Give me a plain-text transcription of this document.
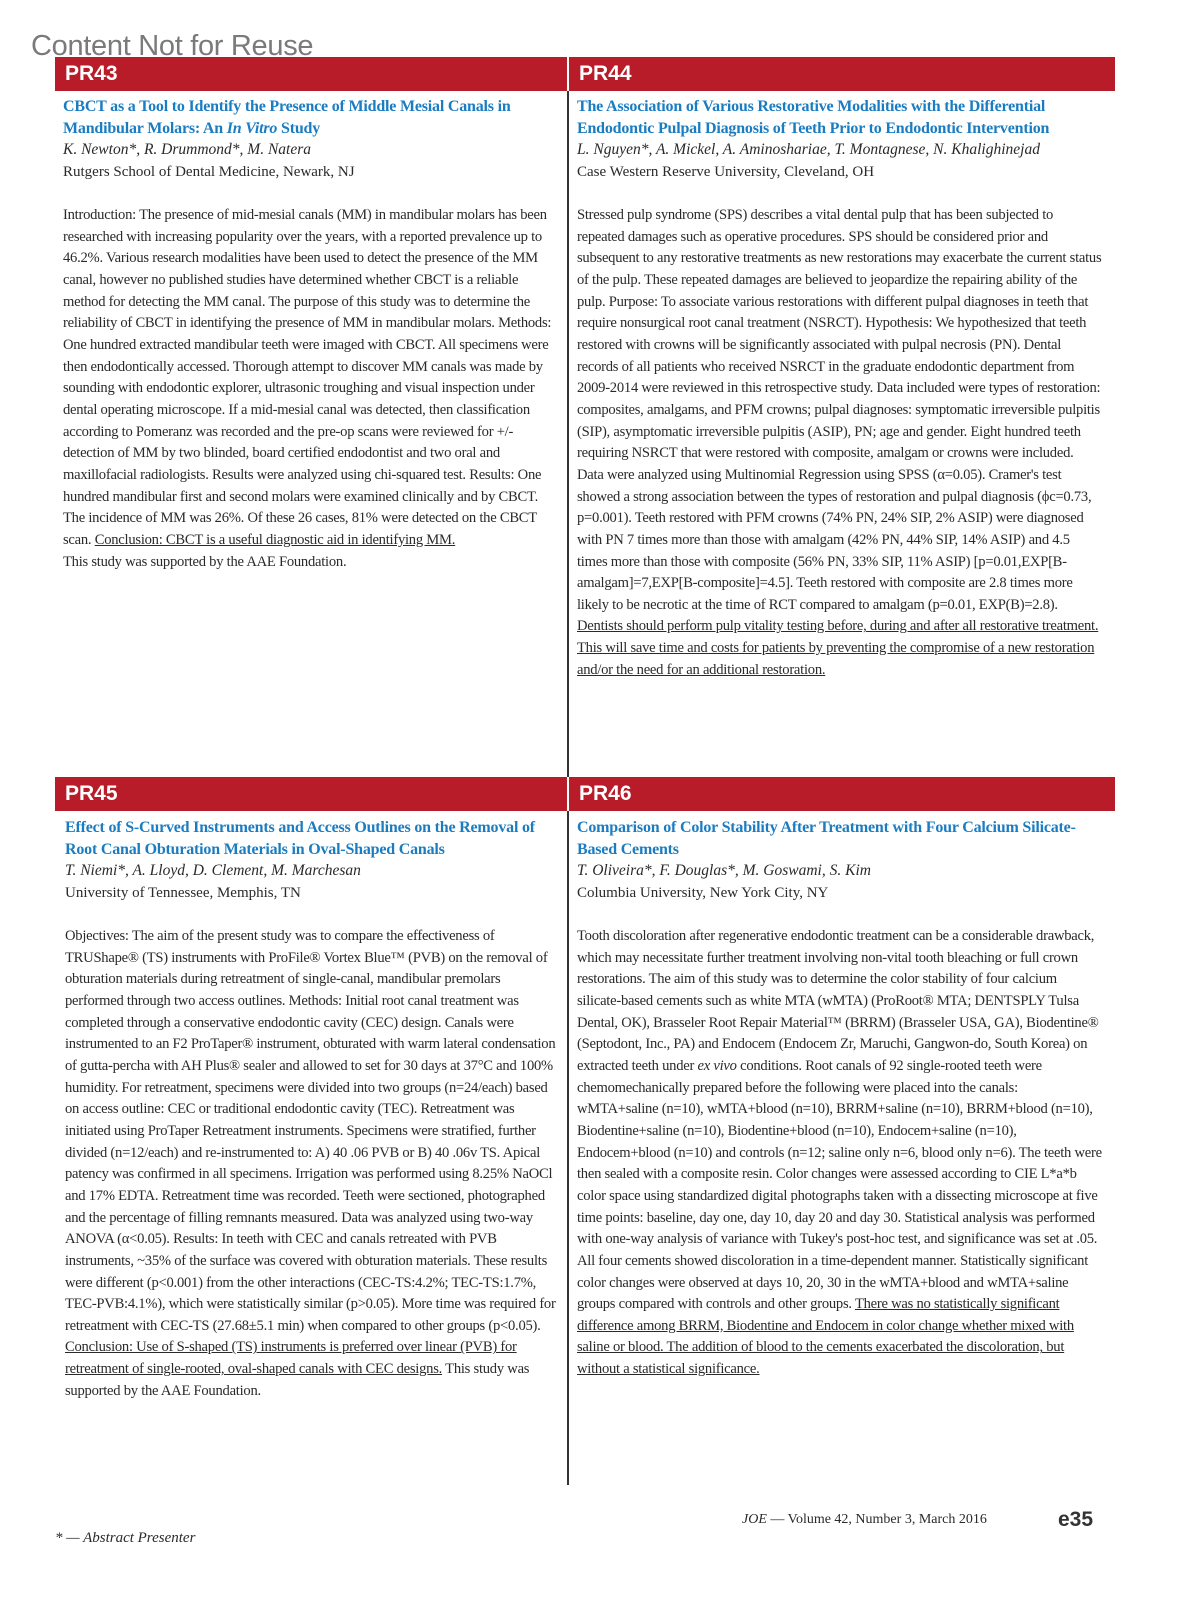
Content Not for Reuse
PR43	PR44
PR45	PR46
CBCT as a Tool to Identify the Presence of Middle Mesial Canals in Mandibular Molars: An In Vitro Study
K. Newton*, R. Drummond*, M. Natera
Rutgers School of Dental Medicine, Newark, NJ
Introduction: The presence of mid-mesial canals (MM) in mandibular molars has been researched with increasing popularity over the years, with a reported prevalence up to 46.2%. Various research modalities have been used to detect the presence of the MM canal, however no published studies have determined whether CBCT is a reliable method for detecting the MM canal. The purpose of this study was to determine the reliability of CBCT in identifying the presence of MM in mandibular molars. Methods: One hundred extracted mandibular teeth were imaged with CBCT. All specimens were then endodontically accessed. Thorough attempt to discover MM canals was made by sounding with endodontic explorer, ultrasonic troughing and visual inspection under dental operating microscope. If a mid-mesial canal was detected, then classification according to Pomeranz was recorded and the pre-op scans were reviewed for +/- detection of MM by two blinded, board certified endodontist and two oral and maxillofacial radiologists. Results were analyzed using chi-squared test. Results: One hundred mandibular first and second molars were examined clinically and by CBCT. The incidence of MM was 26%. Of these 26 cases, 81% were detected on the CBCT scan. Conclusion: CBCT is a useful diagnostic aid in identifying MM.
This study was supported by the AAE Foundation.
The Association of Various Restorative Modalities with the Differential Endodontic Pulpal Diagnosis of Teeth Prior to Endodontic Intervention
L. Nguyen*, A. Mickel, A. Aminoshariae, T. Montagnese, N. Khalighinejad
Case Western Reserve University, Cleveland, OH
Stressed pulp syndrome (SPS) describes a vital dental pulp that has been subjected to repeated damages such as operative procedures. SPS should be considered prior and subsequent to any restorative treatments as new restorations may exacerbate the current status of the pulp. These repeated damages are believed to jeopardize the repairing ability of the pulp. Purpose: To associate various restorations with different pulpal diagnoses in teeth that require nonsurgical root canal treatment (NSRCT). Hypothesis: We hypothesized that teeth restored with crowns will be significantly associated with pulpal necrosis (PN). Dental records of all patients who received NSRCT in the graduate endodontic department from 2009-2014 were reviewed in this retrospective study. Data included were types of restoration: composites, amalgams, and PFM crowns; pulpal diagnoses: symptomatic irreversible pulpitis (SIP), asymptomatic irreversible pulpitis (ASIP), PN; age and gender. Eight hundred teeth requiring NSRCT that were restored with composite, amalgam or crowns were included. Data were analyzed using Multinomial Regression using SPSS (α=0.05). Cramer's test showed a strong association between the types of restoration and pulpal diagnosis (ϕc=0.73, p=0.001). Teeth restored with PFM crowns (74% PN, 24% SIP, 2% ASIP) were diagnosed with PN 7 times more than those with amalgam (42% PN, 44% SIP, 14% ASIP) and 4.5 times more than those with composite (56% PN, 33% SIP, 11% ASIP) [p=0.01,EXP[B-amalgam]=7,EXP[B-composite]=4.5]. Teeth restored with composite are 2.8 times more likely to be necrotic at the time of RCT compared to amalgam (p=0.01, EXP(B)=2.8). Dentists should perform pulp vitality testing before, during and after all restorative treatment. This will save time and costs for patients by preventing the compromise of a new restoration and/or the need for an additional restoration.
Effect of S-Curved Instruments and Access Outlines on the Removal of Root Canal Obturation Materials in Oval-Shaped Canals
T. Niemi*, A. Lloyd, D. Clement, M. Marchesan
University of Tennessee, Memphis, TN
Objectives: The aim of the present study was to compare the effectiveness of TRUShape® (TS) instruments with ProFile® Vortex Blue™ (PVB) on the removal of obturation materials during retreatment of single-canal, mandibular premolars performed through two access outlines. Methods: Initial root canal treatment was completed through a conservative endodontic cavity (CEC) design. Canals were instrumented to an F2 ProTaper® instrument, obturated with warm lateral condensation of gutta-percha with AH Plus® sealer and allowed to set for 30 days at 37°C and 100% humidity. For retreatment, specimens were divided into two groups (n=24/each) based on access outline: CEC or traditional endodontic cavity (TEC). Retreatment was initiated using ProTaper Retreatment instruments. Specimens were stratified, further divided (n=12/each) and re-instrumented to: A) 40 .06 PVB or B) 40 .06v TS. Apical patency was confirmed in all specimens. Irrigation was performed using 8.25% NaOCl and 17% EDTA. Retreatment time was recorded. Teeth were sectioned, photographed and the percentage of filling remnants measured. Data was analyzed using two-way ANOVA (α<0.05). Results: In teeth with CEC and canals retreated with PVB instruments, ~35% of the surface was covered with obturation materials. These results were different (p<0.001) from the other interactions (CEC-TS:4.2%; TEC-TS:1.7%, TEC-PVB:4.1%), which were statistically similar (p>0.05). More time was required for retreatment with CEC-TS (27.68±5.1 min) when compared to other groups (p<0.05). Conclusion: Use of S-shaped (TS) instruments is preferred over linear (PVB) for retreatment of single-rooted, oval-shaped canals with CEC designs. This study was supported by the AAE Foundation.
Comparison of Color Stability After Treatment with Four Calcium Silicate-Based Cements
T. Oliveira*, F. Douglas*, M. Goswami, S. Kim
Columbia University, New York City, NY
Tooth discoloration after regenerative endodontic treatment can be a considerable drawback, which may necessitate further treatment involving non-vital tooth bleaching or full crown restorations. The aim of this study was to determine the color stability of four calcium silicate-based cements such as white MTA (wMTA) (ProRoot® MTA; DENTSPLY Tulsa Dental, OK), Brasseler Root Repair Material™ (BRRM) (Brasseler USA, GA), Biodentine® (Septodont, Inc., PA) and Endocem (Endocem Zr, Maruchi, Gangwon-do, South Korea) on extracted teeth under ex vivo conditions. Root canals of 92 single-rooted teeth were chemomechanically prepared before the following were placed into the canals: wMTA+saline (n=10), wMTA+blood (n=10), BRRM+saline (n=10), BRRM+blood (n=10), Biodentine+saline (n=10), Biodentine+blood (n=10), Endocem+saline (n=10), Endocem+blood (n=10) and controls (n=12; saline only n=6, blood only n=6). The teeth were then sealed with a composite resin. Color changes were assessed according to CIE L*a*b color space using standardized digital photographs taken with a dissecting microscope at five time points: baseline, day one, day 10, day 20 and day 30. Statistical analysis was performed with one-way analysis of variance with Tukey's post-hoc test, and significance was set at .05. All four cements showed discoloration in a time-dependent manner. Statistically significant color changes were observed at days 10, 20, 30 in the wMTA+blood and wMTA+saline groups compared with controls and other groups. There was no statistically significant difference among BRRM, Biodentine and Endocem in color change whether mixed with saline or blood. The addition of blood to the cements exacerbated the discoloration, but without a statistical significance.
* — Abstract Presenter
JOE — Volume 42, Number 3, March 2016	e35
